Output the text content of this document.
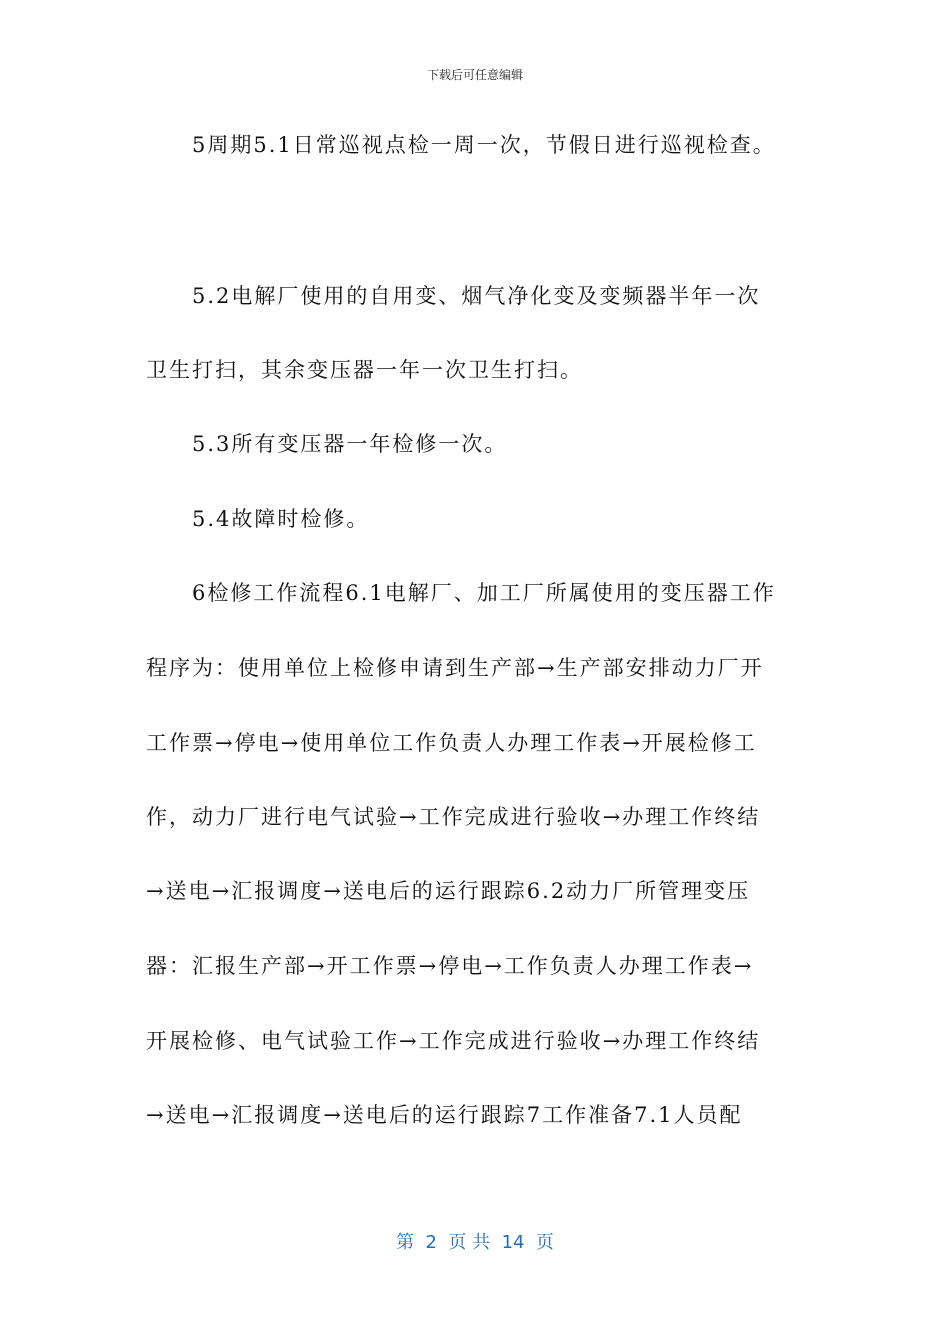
下载后可任意编辑
5周期5.1日常巡视点检一周一次，节假日进行巡视检查。
5.2电解厂使用的自用变、烟气净化变及变频器半年一次
卫生打扫，其余变压器一年一次卫生打扫。
5.3所有变压器一年检修一次。
5.4故障时检修。
6检修工作流程6.1电解厂、加工厂所属使用的变压器工作
程序为：使用单位上检修申请到生产部→生产部安排动力厂开
工作票→停电→使用单位工作负责人办理工作表→开展检修工
作，动力厂进行电气试验→工作完成进行验收→办理工作终结
→送电→汇报调度→送电后的运行跟踪6.2动力厂所管理变压
器：汇报生产部→开工作票→停电→工作负责人办理工作表→
开展检修、电气试验工作→工作完成进行验收→办理工作终结
→送电→汇报调度→送电后的运行跟踪7工作准备7.1人员配
第  2  页 共  14  页
